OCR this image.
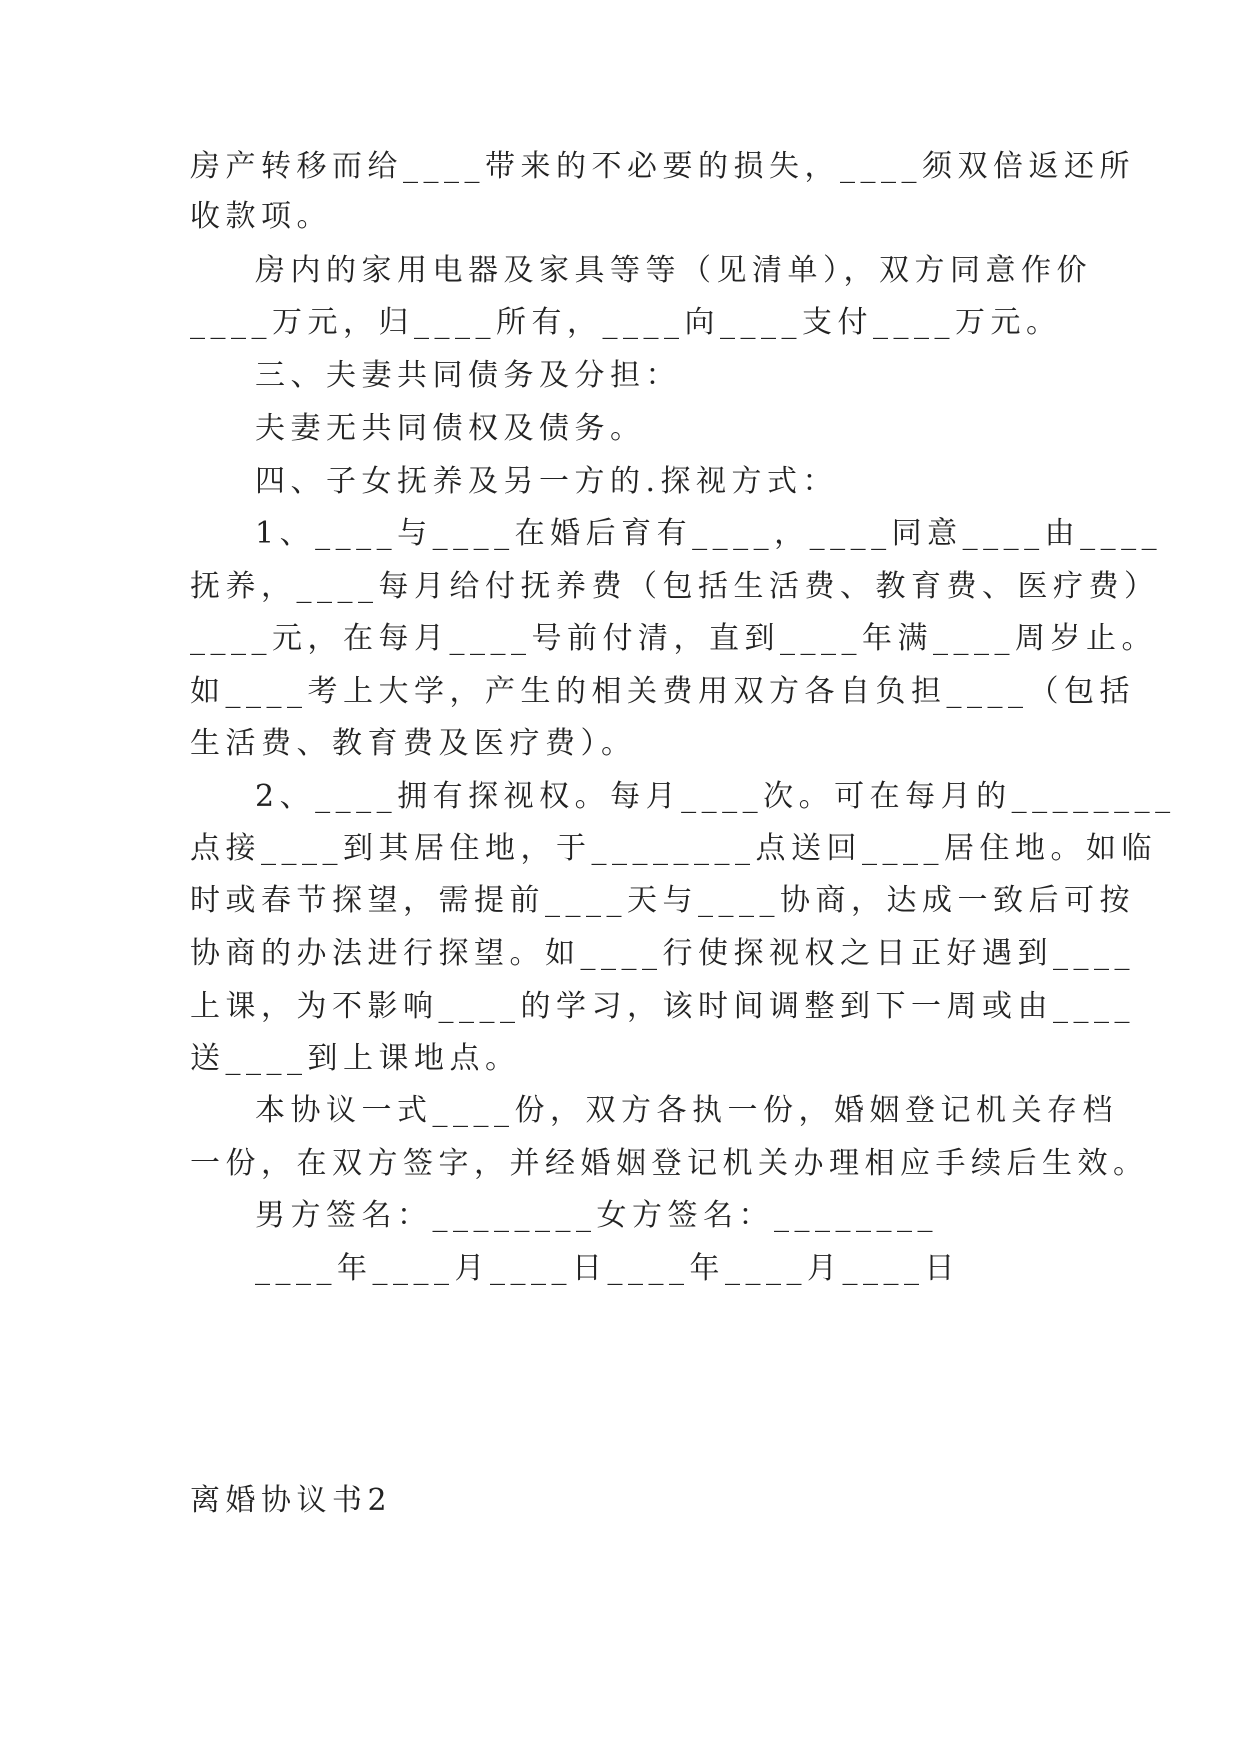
房产转移而给____带来的不必要的损失，____须双倍返还所
收款项。
房内的家用电器及家具等等（见清单），双方同意作价
____万元，归____所有，____向____支付____万元。
三、夫妻共同债务及分担：
夫妻无共同债权及债务。
四、子女抚养及另一方的.探视方式：
1、____与____在婚后育有____，____同意____由____
抚养，____每月给付抚养费（包括生活费、教育费、医疗费）
____元，在每月____号前付清，直到____年满____周岁止。
如____考上大学，产生的相关费用双方各自负担____（包括
生活费、教育费及医疗费）。
2、____拥有探视权。每月____次。可在每月的________
点接____到其居住地，于________点送回____居住地。如临
时或春节探望，需提前____天与____协商，达成一致后可按
协商的办法进行探望。如____行使探视权之日正好遇到____
上课，为不影响____的学习，该时间调整到下一周或由____
送____到上课地点。
本协议一式____份，双方各执一份，婚姻登记机关存档
一份，在双方签字，并经婚姻登记机关办理相应手续后生效。
男方签名：________女方签名：________
____年____月____日____年____月____日
离婚协议书2
